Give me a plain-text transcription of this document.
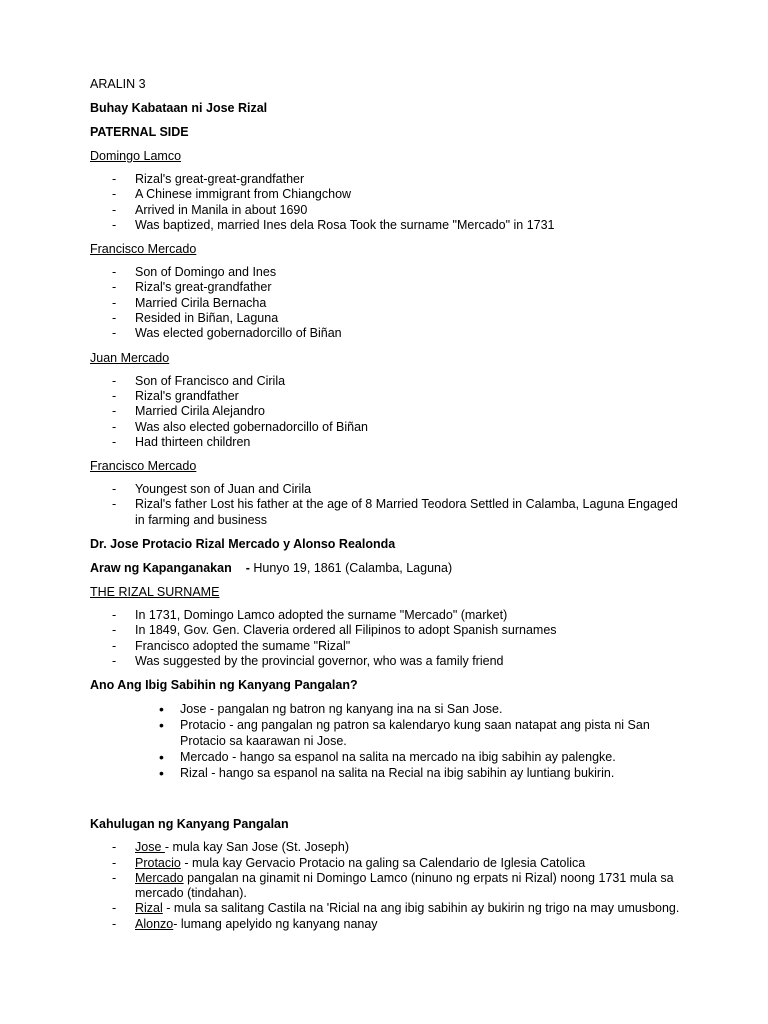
ARALIN 3

Buhay Kabataan ni Jose Rizal

PATERNAL SIDE

Domingo Lamco

- Rizal's great-great-grandfather
- A Chinese immigrant from Chiangchow
- Arrived in Manila in about 1690
- Was baptized, married Ines dela Rosa Took the surname "Mercado" in 1731

Francisco Mercado

- Son of Domingo and Ines
- Rizal's great-grandfather
- Married Cirila Bernacha
- Resided in Biñan, Laguna
- Was elected gobernadorcillo of Biñan

Juan Mercado

- Son of Francisco and Cirila
- Rizal's grandfather
- Married Cirila Alejandro
- Was also elected gobernadorcillo of Biñan
- Had thirteen children

Francisco Mercado

- Youngest son of Juan and Cirila
- Rizal's father Lost his father at the age of 8 Married Teodora Settled in Calamba, Laguna Engaged in farming and business

Dr. Jose Protacio Rizal Mercado y Alonso Realonda

Araw ng Kapanganakan - Hunyo 19, 1861 (Calamba, Laguna)

THE RIZAL SURNAME

- In 1731, Domingo Lamco adopted the surname "Mercado" (market)
- In 1849, Gov. Gen. Claveria ordered all Filipinos to adopt Spanish surnames
- Francisco adopted the sumame "Rizal"
- Was suggested by the provincial governor, who was a family friend

Ano Ang Ibig Sabihin ng Kanyang Pangalan?

• Jose - pangalan ng batron ng kanyang ina na si San Jose.
• Protacio - ang pangalan ng patron sa kalendaryo kung saan natapat ang pista ni San Protacio sa kaarawan ni Jose.
• Mercado - hango sa espanol na salita na mercado na ibig sabihin ay palengke.
• Rizal - hango sa espanol na salita na Recial na ibig sabihin ay luntiang bukirin.

Kahulugan ng Kanyang Pangalan

- Jose - mula kay San Jose (St. Joseph)
- Protacio - mula kay Gervacio Protacio na galing sa Calendario de Iglesia Catolica
- Mercado pangalan na ginamit ni Domingo Lamco (ninuno ng erpats ni Rizal) noong 1731 mula sa mercado (tindahan).
- Rizal - mula sa salitang Castila na 'Ricial na ang ibig sabihin ay bukirin ng trigo na may umusbong.
- Alonzo- lumang apelyido ng kanyang nanay
